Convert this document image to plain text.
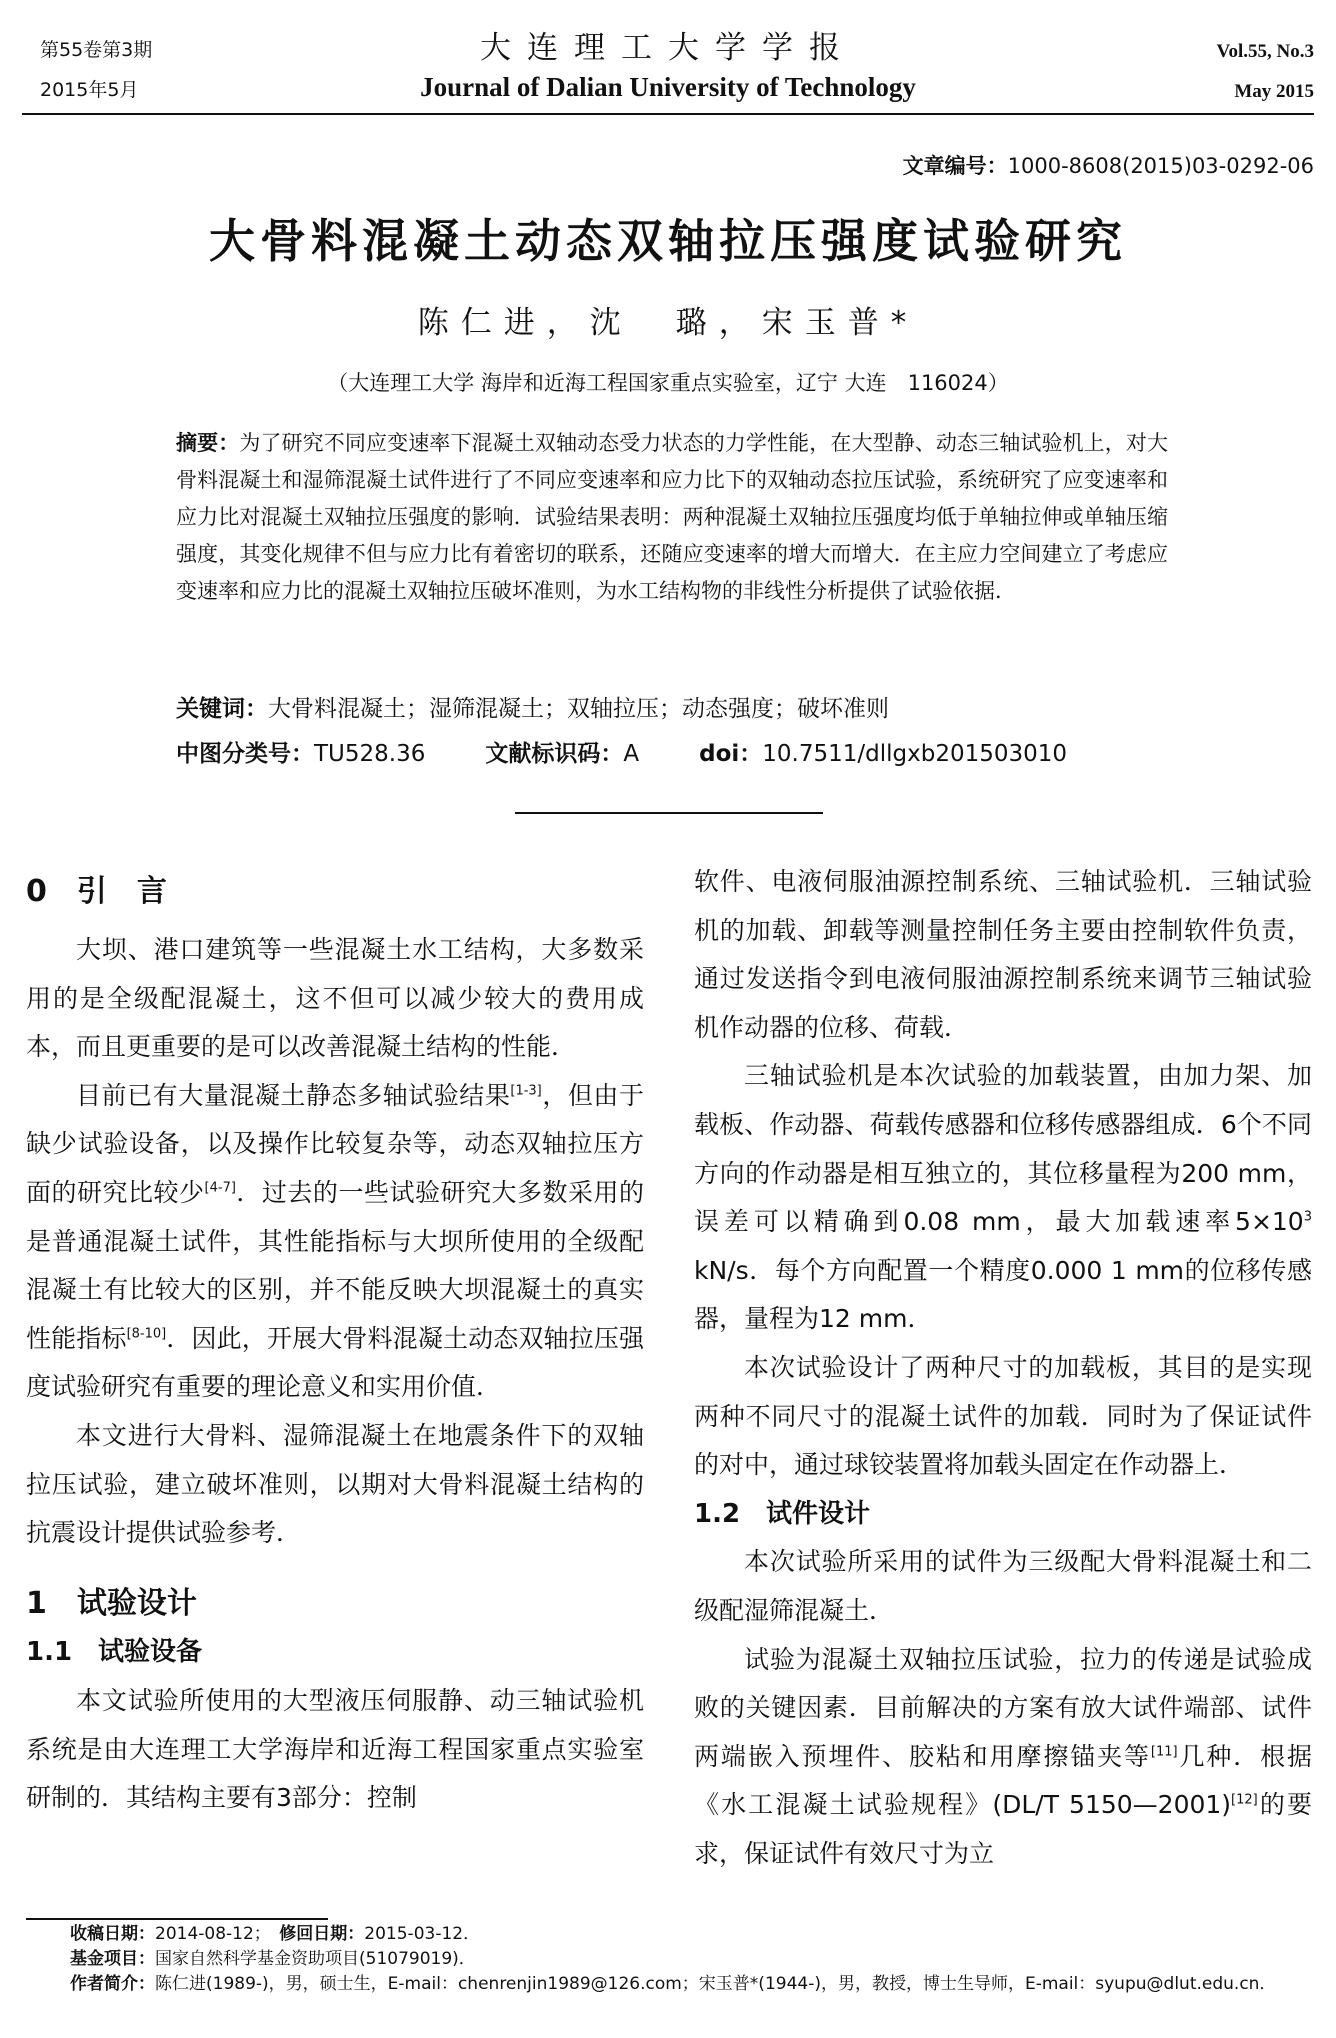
第55卷第3期
2015年5月
大连理工大学学报
Journal of Dalian University of Technology
Vol.55, No.3
May 2015
文章编号：1000-8608(2015)03-0292-06
大骨料混凝土动态双轴拉压强度试验研究
陈仁进，沈　璐，宋玉普*
（大连理工大学 海岸和近海工程国家重点实验室，辽宁 大连　116024）
摘要：为了研究不同应变速率下混凝土双轴动态受力状态的力学性能，在大型静、动态三轴试验机上，对大骨料混凝土和湿筛混凝土试件进行了不同应变速率和应力比下的双轴动态拉压试验，系统研究了应变速率和应力比对混凝土双轴拉压强度的影响．试验结果表明：两种混凝土双轴拉压强度均低于单轴拉伸或单轴压缩强度，其变化规律不但与应力比有着密切的联系，还随应变速率的增大而增大．在主应力空间建立了考虑应变速率和应力比的混凝土双轴拉压破坏准则，为水工结构物的非线性分析提供了试验依据．
关键词：大骨料混凝土；湿筛混凝土；双轴拉压；动态强度；破坏准则
中图分类号：TU528.36	文献标识码：A	doi：10.7511/dllgxb201503010
0　引　言

大坝、港口建筑等一些混凝土水工结构，大多数采用的是全级配混凝土，这不但可以减少较大的费用成本，而且更重要的是可以改善混凝土结构的性能．

目前已有大量混凝土静态多轴试验结果[1-3]，但由于缺少试验设备，以及操作比较复杂等，动态双轴拉压方面的研究比较少[4-7]．过去的一些试验研究大多数采用的是普通混凝土试件，其性能指标与大坝所使用的全级配混凝土有比较大的区别，并不能反映大坝混凝土的真实性能指标[8-10]．因此，开展大骨料混凝土动态双轴拉压强度试验研究有重要的理论意义和实用价值．

本文进行大骨料、湿筛混凝土在地震条件下的双轴拉压试验，建立破坏准则，以期对大骨料混凝土结构的抗震设计提供试验参考．

1　试验设计
1.1　试验设备

本文试验所使用的大型液压伺服静、动三轴试验机系统是由大连理工大学海岸和近海工程国家重点实验室研制的．其结构主要有3部分：控制

软件、电液伺服油源控制系统、三轴试验机．三轴试验机的加载、卸载等测量控制任务主要由控制软件负责，通过发送指令到电液伺服油源控制系统来调节三轴试验机作动器的位移、荷载．

三轴试验机是本次试验的加载装置，由加力架、加载板、作动器、荷载传感器和位移传感器组成．6个不同方向的作动器是相互独立的，其位移量程为200 mm，误差可以精确到0.08 mm，最大加载速率$5\times 10^3$ kN/s．每个方向配置一个精度0.000 1 mm的位移传感器，量程为12 mm．

本次试验设计了两种尺寸的加载板，其目的是实现两种不同尺寸的混凝土试件的加载．同时为了保证试件的对中，通过球铰装置将加载头固定在作动器上．

1.2　试件设计

本次试验所采用的试件为三级配大骨料混凝土和二级配湿筛混凝土．

试验为混凝土双轴拉压试验，拉力的传递是试验成败的关键因素．目前解决的方案有放大试件端部、试件两端嵌入预埋件、胶粘和用摩擦锚夹等[11]几种．根据《水工混凝土试验规程》(DL/T 5150—2001)[12]的要求，保证试件有效尺寸为立

收稿日期：2014-08-12；　 修回日期：2015-03-12．
基金项目：国家自然科学基金资助项目(51079019)．
作者简介：陈仁进(1989-)，男，硕士生，E-mail：chenrenjin1989@126.com；宋玉普*(1944-)，男，教授，博士生导师，E-mail：syupu@dlut.edu.cn．
